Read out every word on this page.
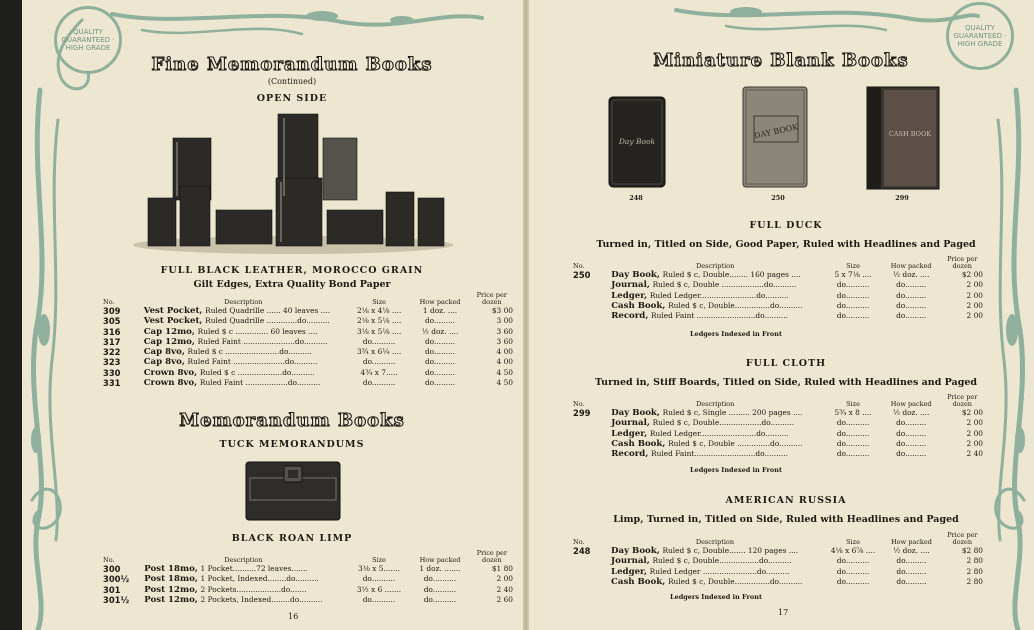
QUALITY GUARANTEED · HIGH GRADE
Fine Memorandum Books
(Continued)
OPEN SIDE
FULL BLACK LEATHER, MOROCCO GRAIN
Gilt Edges, Extra Quality Bond Paper
No.	Description	Size	How packed	Price per dozen
309	Vest Pocket, Ruled Quadrille ...... 40 leaves ....	2⅛ x 4⅛ ....	1 doz. ....	$3 00
305	Vest Pocket, Ruled Quadrille .............do..........	2⅛ x 5⅛ ....	do.........	3 00
316	Cap 12mo, Ruled $ c .............. 60 leaves ....	3⅛ x 5⅛ ....	½ doz. ....	3 60
317	Cap 12mo, Ruled Faint ......................do..........	do..........	do.........	3 60
322	Cap 8vo, Ruled $ c .......................do..........	3¾ x 6¼ ....	do.........	4 00
323	Cap 8vo, Ruled Faint ......................do..........	do..........	do.........	4 00
330	Crown 8vo, Ruled $ c ...................do..........	4¾ x 7.....	do.........	4 50
331	Crown 8vo, Ruled Faint ..................do..........	do..........	do.........	4 50
Memorandum Books
TUCK MEMORANDUMS
BLACK ROAN LIMP
No.	Description	Size	How packed	Price per dozen
300	Post 18mo, 1 Pocket..........72 leaves.......	3⅛ x 5.......	1 doz. .......	$1 80
300½	Post 18mo, 1 Pocket, Indexed........do..........	do..........	do..........	2 00
301	Post 12mo, 2 Pockets...................do.......	3½ x 6 .......	do..........	2 40
301½	Post 12mo, 2 Pockets, Indexed........do..........	do..........	do..........	2 60
16
QUALITY GUARANTEED · HIGH GRADE
Miniature Blank Books
Day Book
248
DAY BOOK
250
CASH BOOK
299
FULL DUCK
Turned in, Titled on Side, Good Paper, Ruled with Headlines and Paged
No.	Description	Size	How packed	Price per dozen
250	Day Book, Ruled $ c, Double........ 160 pages ....	5 x 7⅛ ....	½ doz. ....	$2 00
	Journal, Ruled $ c, Double ..................do..........	do..........	do.........	2 00
	Ledger, Ruled Ledger........................do..........	do..........	do.........	2 00
	Cash Book, Ruled $ c, Double...............do..........	do..........	do.........	2 00
	Record, Ruled Faint .........................do..........	do..........	do.........	2 00
Ledgers Indexed in Front
FULL CLOTH
Turned in, Stiff Boards, Titled on Side, Ruled with Headlines and Paged
No.	Description	Size	How packed	Price per dozen
299	Day Book, Ruled $ c, Single ......... 200 pages ....	5¾ x 8 ....	½ doz. ....	$2 00
	Journal, Ruled $ c, Double..................do..........	do..........	do.........	2 00
	Ledger, Ruled Ledger........................do..........	do..........	do.........	2 00
	Cash Book, Ruled $ c, Double ..............do..........	do..........	do.........	2 00
	Record, Ruled Faint..........................do..........	do..........	do.........	2 40
Ledgers Indexed in Front
AMERICAN RUSSIA
Limp, Turned in, Titled on Side, Ruled with Headlines and Paged
No.	Description	Size	How packed	Price per dozen
248	Day Book, Ruled $ c, Double....... 120 pages ....	4⅛ x 6⅞ ....	½ doz. ....	$2 80
	Journal, Ruled $ c, Double.................do..........	do..........	do.........	2 80
	Ledger, Ruled Ledger .......................do..........	do..........	do.........	2 80
	Cash Book, Ruled $ c, Double...............do..........	do..........	do.........	2 80
Ledgers Indexed in Front
17
